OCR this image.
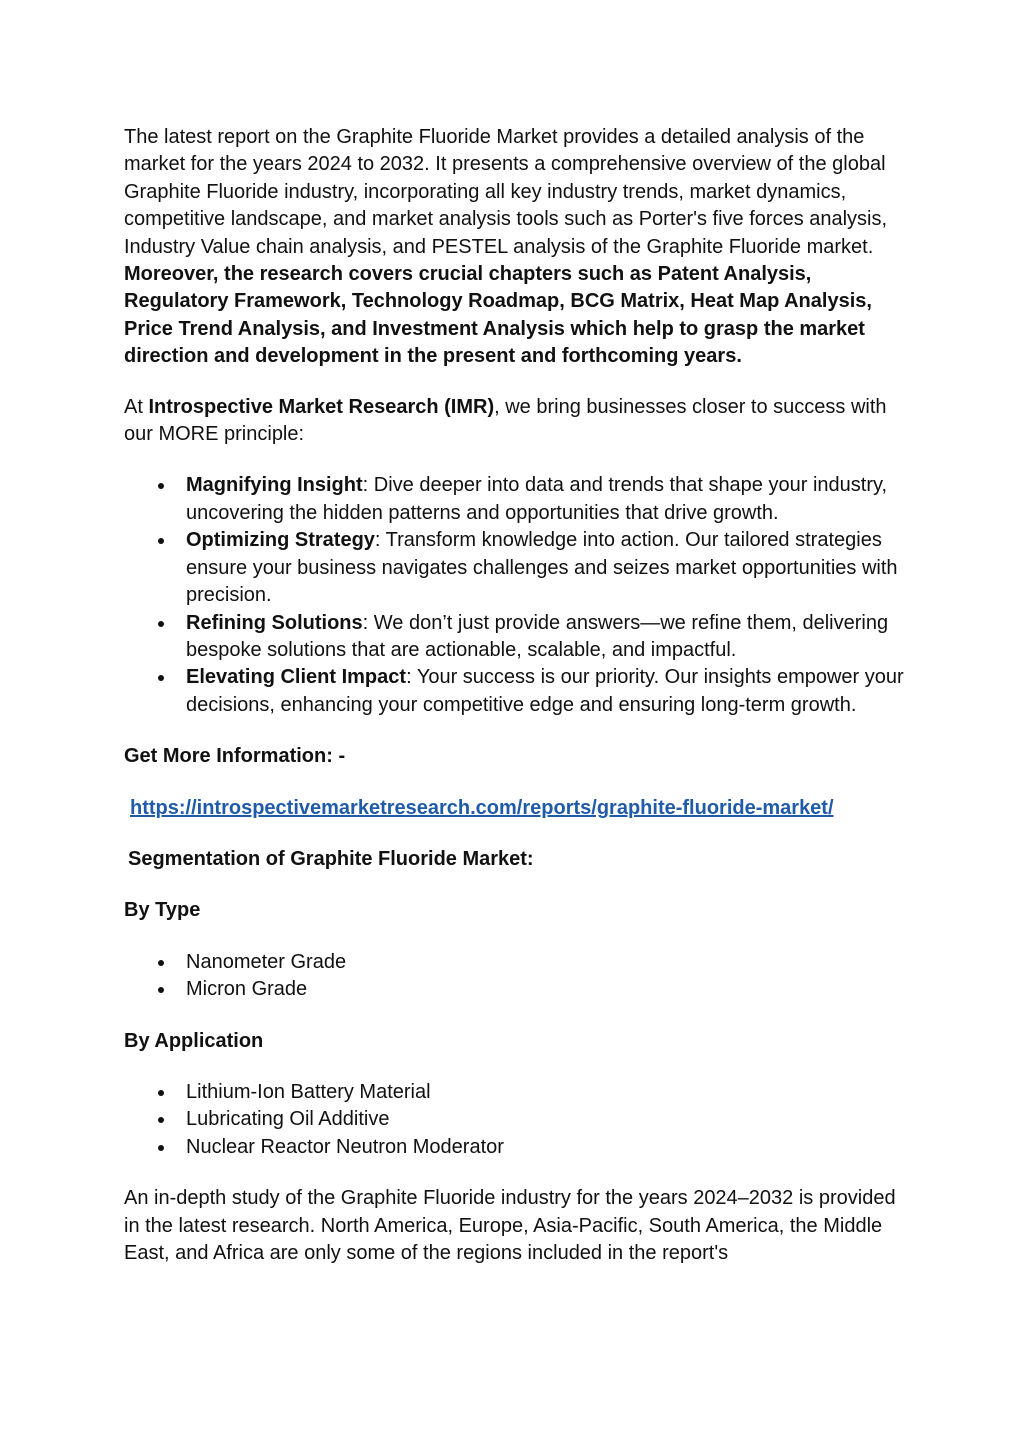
The latest report on the Graphite Fluoride Market provides a detailed analysis of the market for the years 2024 to 2032. It presents a comprehensive overview of the global Graphite Fluoride industry, incorporating all key industry trends, market dynamics, competitive landscape, and market analysis tools such as Porter's five forces analysis, Industry Value chain analysis, and PESTEL analysis of the Graphite Fluoride market. Moreover, the research covers crucial chapters such as Patent Analysis, Regulatory Framework, Technology Roadmap, BCG Matrix, Heat Map Analysis, Price Trend Analysis, and Investment Analysis which help to grasp the market direction and development in the present and forthcoming years.

At Introspective Market Research (IMR), we bring businesses closer to success with our MORE principle:

Magnifying Insight: Dive deeper into data and trends that shape your industry, uncovering the hidden patterns and opportunities that drive growth.
Optimizing Strategy: Transform knowledge into action. Our tailored strategies ensure your business navigates challenges and seizes market opportunities with precision.
Refining Solutions: We don’t just provide answers—we refine them, delivering bespoke solutions that are actionable, scalable, and impactful.
Elevating Client Impact: Your success is our priority. Our insights empower your decisions, enhancing your competitive edge and ensuring long-term growth.

Get More Information: -

https://introspectivemarketresearch.com/reports/graphite-fluoride-market/

Segmentation of Graphite Fluoride Market:

By Type

Nanometer Grade
Micron Grade

By Application

Lithium-Ion Battery Material
Lubricating Oil Additive
Nuclear Reactor Neutron Moderator

An in-depth study of the Graphite Fluoride industry for the years 2024–2032 is provided in the latest research. North America, Europe, Asia-Pacific, South America, the Middle East, and Africa are only some of the regions included in the report's
